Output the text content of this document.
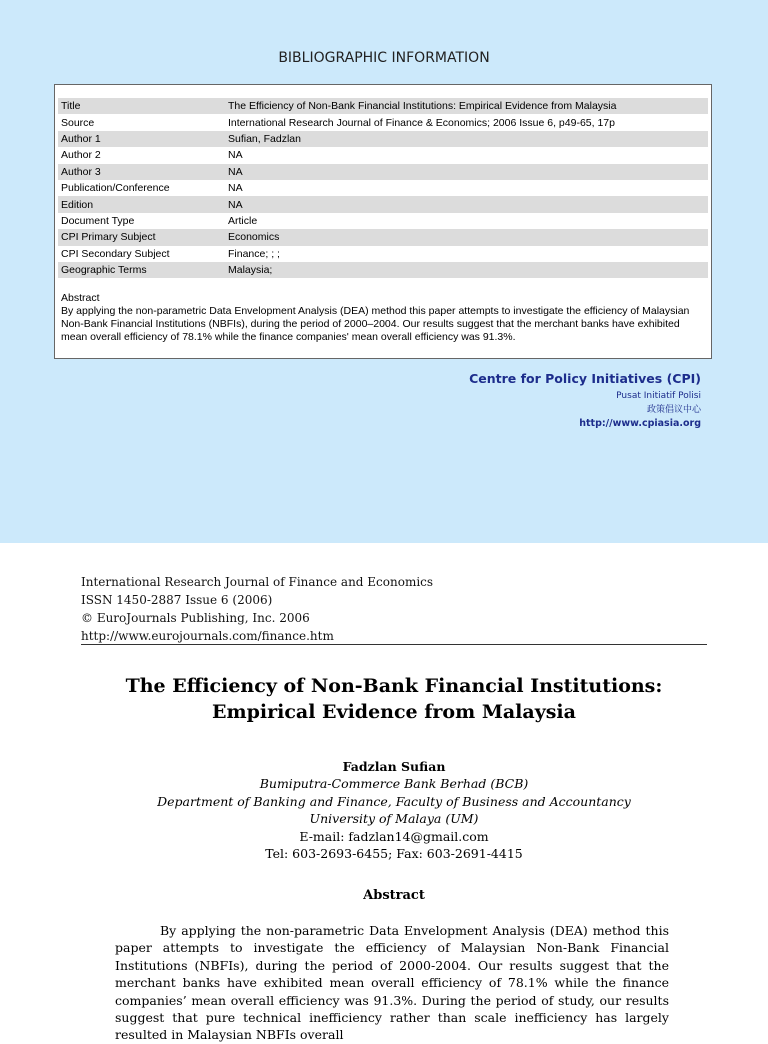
BIBLIOGRAPHIC INFORMATION
Title	The Efficiency of Non-Bank Financial Institutions: Empirical Evidence from Malaysia
Source	International Research Journal of Finance & Economics; 2006 Issue 6, p49-65, 17p
Author 1	Sufian, Fadzlan
Author 2	NA
Author 3	NA
Publication/Conference	NA
Edition	NA
Document Type	Article
CPI Primary Subject	Economics
CPI Secondary Subject	Finance; ; ;
Geographic Terms	Malaysia;
Abstract
By applying the non-parametric Data Envelopment Analysis (DEA) method this paper attempts to investigate the efficiency of Malaysian Non-Bank Financial Institutions (NBFIs), during the period of 2000–2004. Our results suggest that the merchant banks have exhibited mean overall efficiency of 78.1% while the finance companies' mean overall efficiency was 91.3%.
Centre for Policy Initiatives (CPI)
Pusat Initiatif Polisi
政策倡议中心
http://www.cpiasia.org
International Research Journal of Finance and Economics
ISSN 1450-2887 Issue 6 (2006)
© EuroJournals Publishing, Inc. 2006
http://www.eurojournals.com/finance.htm
The Efficiency of Non-Bank Financial Institutions: Empirical Evidence from Malaysia
Fadzlan Sufian
Bumiputra-Commerce Bank Berhad (BCB)
Department of Banking and Finance, Faculty of Business and Accountancy
University of Malaya (UM)
E-mail: fadzlan14@gmail.com
Tel: 603-2693-6455; Fax: 603-2691-4415
Abstract
By applying the non-parametric Data Envelopment Analysis (DEA) method this paper attempts to investigate the efficiency of Malaysian Non-Bank Financial Institutions (NBFIs), during the period of 2000-2004. Our results suggest that the merchant banks have exhibited mean overall efficiency of 78.1% while the finance companies’ mean overall efficiency was 91.3%. During the period of study, our results suggest that pure technical inefficiency rather than scale inefficiency has largely resulted in Malaysian NBFIs overall
